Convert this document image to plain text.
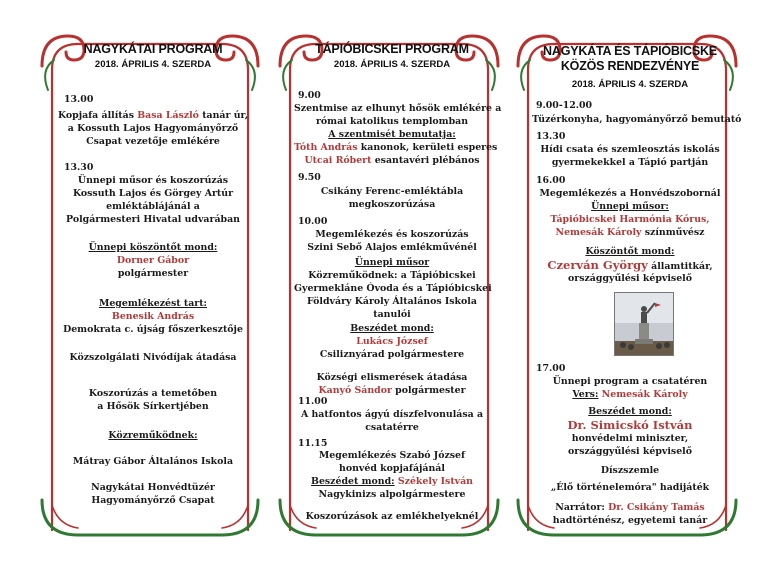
NAGYKÁTAI PROGRAM
2018. ÁPRILIS 4. SZERDA
13.00
Kopjafa állítás Basa László tanár úr,
a Kossuth Lajos Hagyományőrző
Csapat vezetője emlékére
13.30
Ünnepi műsor és koszorúzás
Kossuth Lajos és Görgey Artúr
emléktáblájánál a
Polgármesteri Hivatal udvarában
Ünnepi köszöntőt mond:
Dorner Gábor
polgármester
Megemlékezést tart:
Benesik András
Demokrata c. újság főszerkesztője
Közszolgálati Nivódíjak átadása
Koszorúzás a temetőben
a Hősök Sírkertjében
Közreműködnek:
Mátray Gábor Általános Iskola
Nagykátai Honvédtüzér
Hagyományőrző Csapat
TÁPIÓBICSKEI PROGRAM
2018. ÁPRILIS 4. SZERDA
9.00
Szentmise az elhunyt hősök emlékére a
római katolikus templomban
A szentmisét bemutatja:
Tóth András kanonok, kerületi esperes
Utcai Róbert esantavéri plébános
9.50
Csikány Ferenc-emléktábla
megkoszorúzása
10.00
Megemlékezés és koszorúzás
Szini Sebő Alajos emlékművénél
Ünnepi műsor
Közreműködnek: a Tápióbicskei
Gyermekláne Óvoda és a Tápióbicskei
Földváry Károly Általános Iskola
tanulói
Beszédet mond:
Lukács József
Csiliznyárad polgármestere
Községi elismerések átadása
Kanyó Sándor polgármester
11.00
A hatfontos ágyú díszfelvonulása a
csatatérre
11.15
Megemlékezés Szabó József
honvéd kopjafájánál
Beszédet mond: Székely István
Nagykinizs alpolgármestere
Koszorúzások az emlékhelyeknél
NAGYKÁTA ÉS TÁPIÓBICSKE
KÖZÖS RENDEZVÉNYE
2018. ÁPRILIS 4. SZERDA
9.00-12.00
Tüzérkonyha, hagyományőrző bemutató
13.30
Hídi csata és szemleosztás iskolás
gyermekekkel a Tápió partján
16.00
Megemlékezés a Honvédszobornál
Ünnepi műsor:
Tápióbicskei Harmónia Kórus,
Nemesák Károly színművész
Köszöntőt mond:
Czerván György államtitkár,
országgyűlési képviselő
17.00
Ünnepi program a csatatéren
Vers: Nemesák Károly
Beszédet mond:
Dr. Simicskó István
honvédelmi miniszter,
országgyűlési képviselő
Díszszemle
„Élő történelemóra" hadijáték
Narrátor: Dr. Csikány Tamás
hadtörténész, egyetemi tanár
